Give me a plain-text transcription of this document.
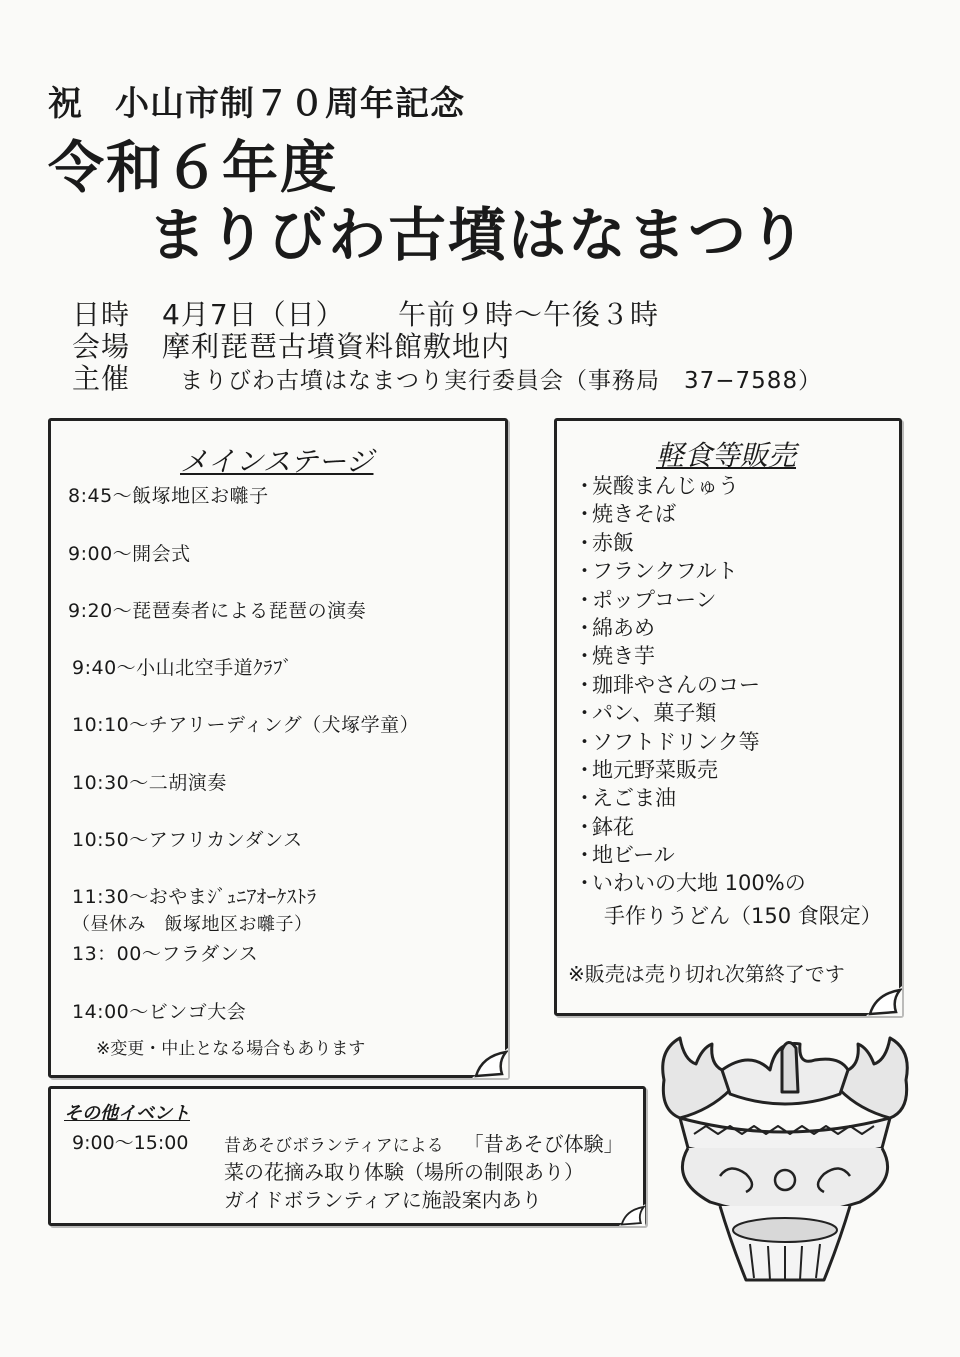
祝 小山市制７０周年記念
令和６年度
まりびわ古墳はなまつり
日時 4月7日（日） 午前９時～午後３時
会場 摩利琵琶古墳資料館敷地内
主催 まりびわ古墳はなまつり実行委員会（事務局　37−7588）
メインステージ
8:45～飯塚地区お囃子
9:00～開会式
9:20～琵琶奏者による琵琶の演奏
9:40～小山北空手道ｸﾗﾌﾞ
10:10～チアリーディング（犬塚学童）
10:30～二胡演奏
10:50～アフリカンダンス
11:30～おやまｼﾞｭﾆｱｵｰｹｽﾄﾗ
（昼休み　飯塚地区お囃子）
13：00～フラダンス
14:00～ビンゴ大会
※変更・中止となる場合もあります
軽食等販売
・炭酸まんじゅう
・焼きそば
・赤飯
・フランクフルト
・ポップコーン
・綿あめ
・焼き芋
・珈琲やさんのコー
・パン、菓子類
・ソフトドリンク等
・地元野菜販売
・えごま油
・鉢花
・地ビール
・いわいの大地 100%の
手作りうどん（150 食限定）
※販売は売り切れ次第終了です
その他イベント
9:00～15:00 昔あそびボランティアによる 「昔あそび体験」
菜の花摘み取り体験（場所の制限あり）
ガイドボランティアに施設案内あり
